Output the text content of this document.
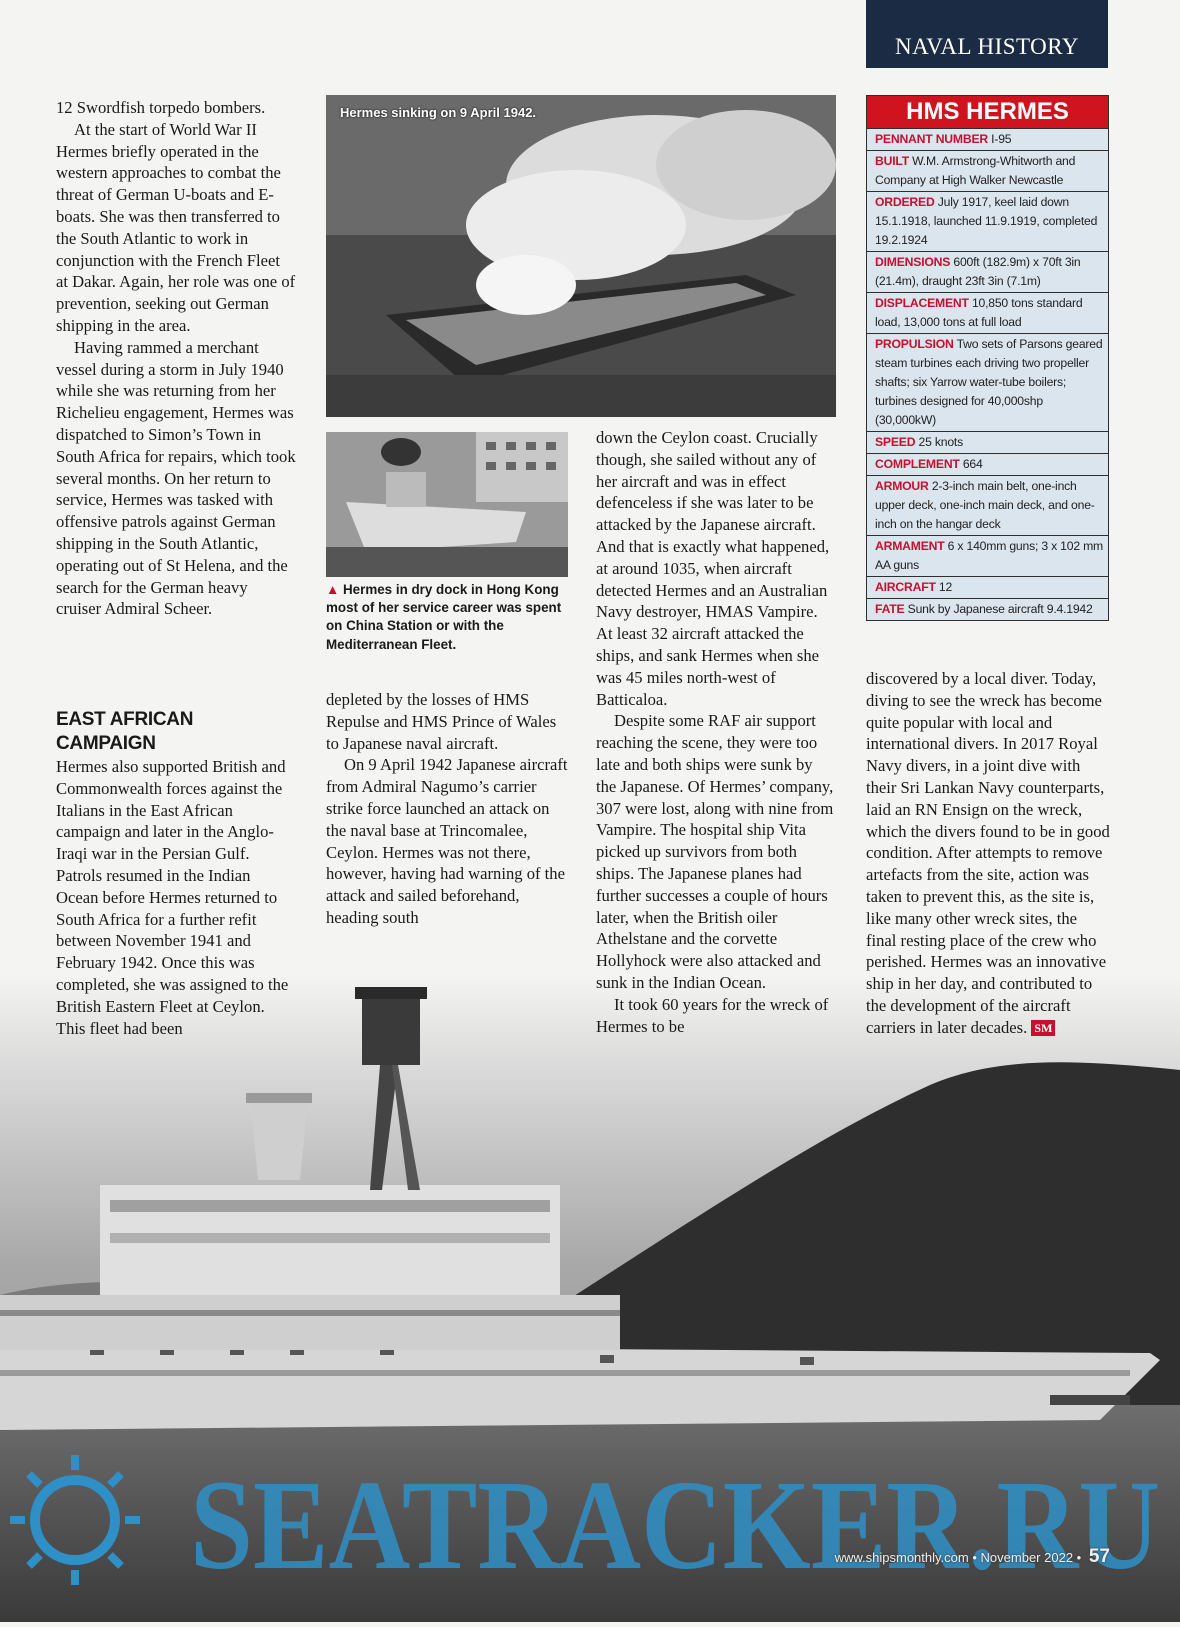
NAVAL HISTORY
SEATRACKER.RU
www.shipsmonthly.com • November 2022 • 57

12 Swordfish torpedo bombers.

At the start of World War II Hermes briefly operated in the western approaches to combat the threat of German U-boats and E-boats. She was then transferred to the South Atlantic to work in conjunction with the French Fleet at Dakar. Again, her role was one of prevention, seeking out German shipping in the area.

Having rammed a merchant vessel during a storm in July 1940 while she was returning from her Richelieu engagement, Hermes was dispatched to Simon’s Town in South Africa for repairs, which took several months. On her return to service, Hermes was tasked with offensive patrols against German shipping in the South Atlantic, operating out of St Helena, and the search for the German heavy cruiser Admiral Scheer.

EAST AFRICAN CAMPAIGN

Hermes also supported British and Commonwealth forces against the Italians in the East African campaign and later in the Anglo-Iraqi war in the Persian Gulf. Patrols resumed in the Indian Ocean before Hermes returned to South Africa for a further refit between November 1941 and February 1942. Once this was completed, she was assigned to the British Eastern Fleet at Ceylon. This fleet had been

Hermes sinking on 9 April 1942.
▲ Hermes in dry dock in Hong Kong most of her service career was spent on China Station or with the Mediterranean Fleet.

depleted by the losses of HMS Repulse and HMS Prince of Wales to Japanese naval aircraft.

On 9 April 1942 Japanese aircraft from Admiral Nagumo’s carrier strike force launched an attack on the naval base at Trincomalee, Ceylon. Hermes was not there, however, having had warning of the attack and sailed beforehand, heading south

down the Ceylon coast. Crucially though, she sailed without any of her aircraft and was in effect defenceless if she was later to be attacked by the Japanese aircraft. And that is exactly what happened, at around 1035, when aircraft detected Hermes and an Australian Navy destroyer, HMAS Vampire. At least 32 aircraft attacked the ships, and sank Hermes when she was 45 miles north-west of Batticaloa.

Despite some RAF air support reaching the scene, they were too late and both ships were sunk by the Japanese. Of Hermes’ company, 307 were lost, along with nine from Vampire. The hospital ship Vita picked up survivors from both ships. The Japanese planes had further successes a couple of hours later, when the British oiler Athelstane and the corvette Hollyhock were also attacked and sunk in the Indian Ocean.

It took 60 years for the wreck of Hermes to be

HMS HERMES
PENNANT NUMBER I-95
BUILT W.M. Armstrong-Whitworth and Company at High Walker Newcastle
ORDERED July 1917, keel laid down 15.1.1918, launched 11.9.1919, completed 19.2.1924
DIMENSIONS 600ft (182.9m) x 70ft 3in (21.4m), draught 23ft 3in (7.1m)
DISPLACEMENT 10,850 tons standard load, 13,000 tons at full load
PROPULSION Two sets of Parsons geared steam turbines each driving two propeller shafts; six Yarrow water-tube boilers; turbines designed for 40,000shp (30,000kW)
SPEED 25 knots
COMPLEMENT 664
ARMOUR 2-3-inch main belt, one-inch upper deck, one-inch main deck, and one-inch on the hangar deck
ARMAMENT 6 x 140mm guns; 3 x 102 mm AA guns
AIRCRAFT 12
FATE Sunk by Japanese aircraft 9.4.1942

discovered by a local diver. Today, diving to see the wreck has become quite popular with local and international divers. In 2017 Royal Navy divers, in a joint dive with their Sri Lankan Navy counterparts, laid an RN Ensign on the wreck, which the divers found to be in good condition. After attempts to remove artefacts from the site, action was taken to prevent this, as the site is, like many other wreck sites, the final resting place of the crew who perished. Hermes was an innovative ship in her day, and contributed to the development of the aircraft carriers in later decades. SM
